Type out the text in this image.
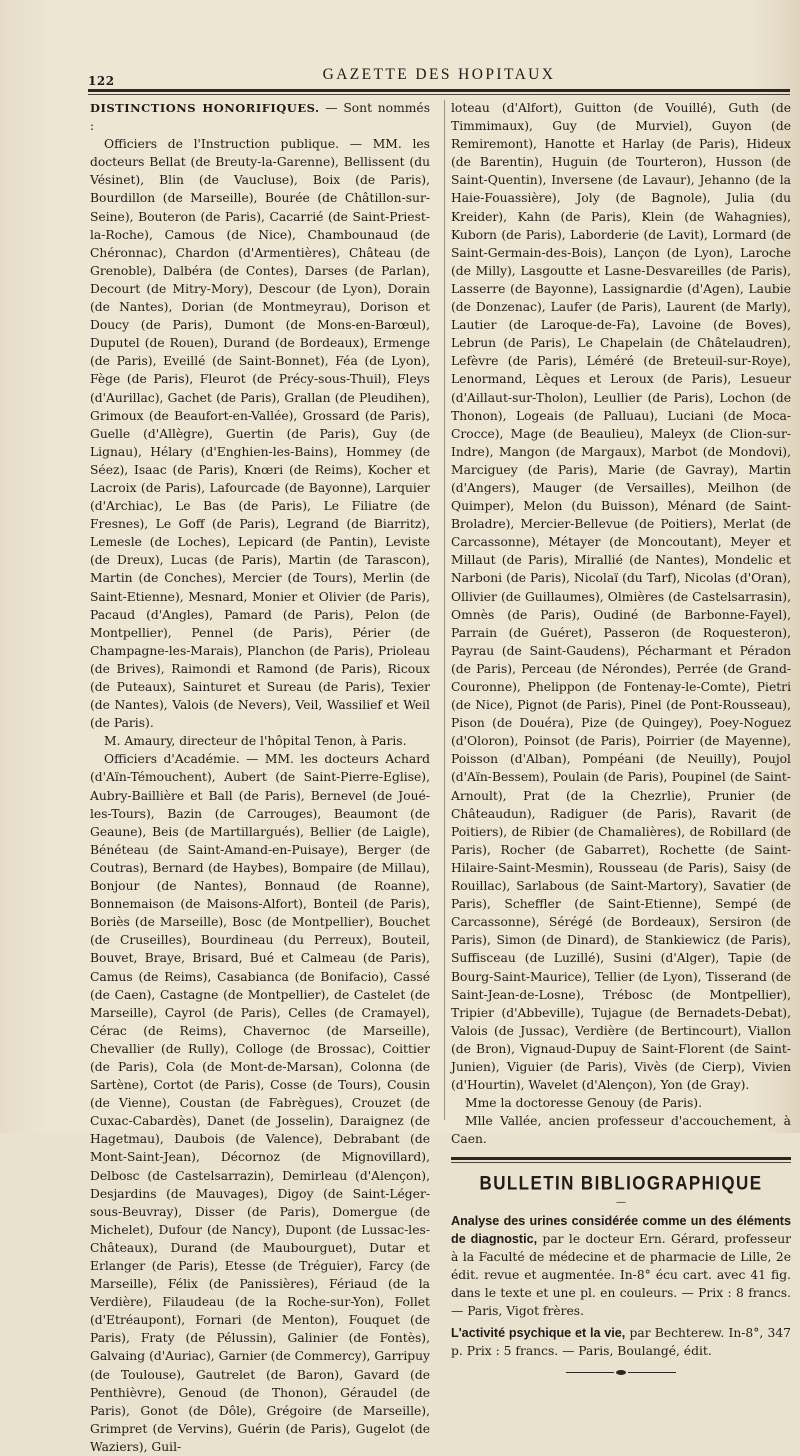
122	GAZETTE DES HOPITAUX

DISTINCTIONS HONORIFIQUES. — Sont nommés :

Officiers de l'Instruction publique. — MM. les docteurs Bellat (de Breuty-la-Garenne), Bellissent (du Vésinet), Blin (de Vaucluse), Boix (de Paris), Bourdillon (de Marseille), Bourée (de Châtillon-sur-Seine), Bouteron (de Paris), Cacarrié (de Saint-Priest-la-Roche), Camous (de Nice), Chambounaud (de Chéronnac), Chardon (d'Armentières), Château (de Grenoble), Dalbéra (de Contes), Darses (de Parlan), Decourt (de Mitry-Mory), Descour (de Lyon), Dorain (de Nantes), Dorian (de Montmeyrau), Dorison et Doucy (de Paris), Dumont (de Mons-en-Barœul), Duputel (de Rouen), Durand (de Bordeaux), Ermenge (de Paris), Eveillé (de Saint-Bonnet), Féa (de Lyon), Fège (de Paris), Fleurot (de Précy-sous-Thuil), Fleys (d'Aurillac), Gachet (de Paris), Grallan (de Pleudihen), Grimoux (de Beaufort-en-Vallée), Grossard (de Paris), Guelle (d'Allègre), Guertin (de Paris), Guy (de Lignau), Hélary (d'Enghien-les-Bains), Hommey (de Séez), Isaac (de Paris), Knœri (de Reims), Kocher et Lacroix (de Paris), Lafourcade (de Bayonne), Larquier (d'Archiac), Le Bas (de Paris), Le Filiatre (de Fresnes), Le Goff (de Paris), Legrand (de Biarritz), Lemesle (de Loches), Lepicard (de Pantin), Leviste (de Dreux), Lucas (de Paris), Martin (de Tarascon), Martin (de Conches), Mercier (de Tours), Merlin (de Saint-Etienne), Mesnard, Monier et Olivier (de Paris), Pacaud (d'Angles), Pamard (de Paris), Pelon (de Montpellier), Pennel (de Paris), Périer (de Champagne-les-Marais), Planchon (de Paris), Prioleau (de Brives), Raimondi et Ramond (de Paris), Ricoux (de Puteaux), Sainturet et Sureau (de Paris), Texier (de Nantes), Valois (de Nevers), Veil, Wassilief et Weil (de Paris).

M. Amaury, directeur de l'hôpital Tenon, à Paris.

Officiers d'Académie. — MM. les docteurs Achard (d'Aïn-Témouchent), Aubert (de Saint-Pierre-Eglise), Aubry-Baillière et Ball (de Paris), Bernevel (de Joué-les-Tours), Bazin (de Carrouges), Beaumont (de Geaune), Beis (de Martillargués), Bellier (de Laigle), Bénéteau (de Saint-Amand-en-Puisaye), Berger (de Coutras), Bernard (de Haybes), Bompaire (de Millau), Bonjour (de Nantes), Bonnaud (de Roanne), Bonnemaison (de Maisons-Alfort), Bonteil (de Paris), Boriès (de Marseille), Bosc (de Montpellier), Bouchet (de Cruseilles), Bourdineau (du Perreux), Bouteil, Bouvet, Braye, Brisard, Bué et Calmeau (de Paris), Camus (de Reims), Casabianca (de Bonifacio), Cassé (de Caen), Castagne (de Montpellier), de Castelet (de Marseille), Cayrol (de Paris), Celles (de Cramayel), Cérac (de Reims), Chavernoc (de Marseille), Chevallier (de Rully), Colloge (de Brossac), Coittier (de Paris), Cola (de Mont-de-Marsan), Colonna (de Sartène), Cortot (de Paris), Cosse (de Tours), Cousin (de Vienne), Coustan (de Fabrègues), Crouzet (de Cuxac-Cabardès), Danet (de Josselin), Daraignez (de Hagetmau), Daubois (de Valence), Debrabant (de Mont-Saint-Jean), Décornoz (de Mignovillard), Delbosc (de Castelsarrazin), Demirleau (d'Alençon), Desjardins (de Mauvages), Digoy (de Saint-Léger-sous-Beuvray), Disser (de Paris), Domergue (de Michelet), Dufour (de Nancy), Dupont (de Lussac-les-Châteaux), Durand (de Maubourguet), Dutar et Erlanger (de Paris), Etesse (de Tréguier), Farcy (de Marseille), Félix (de Panissières), Fériaud (de la Verdière), Filaudeau (de la Roche-sur-Yon), Follet (d'Etréaupont), Fornari (de Menton), Fouquet (de Paris), Fraty (de Pélussin), Galinier (de Fontès), Galvaing (d'Auriac), Garnier (de Commercy), Garripuy (de Toulouse), Gautrelet (de Baron), Gavard (de Penthièvre), Genoud (de Thonon), Géraudel (de Paris), Gonot (de Dôle), Grégoire (de Marseille), Grimpret (de Vervins), Guérin (de Paris), Gugelot (de Waziers), Guil-

loteau (d'Alfort), Guitton (de Vouillé), Guth (de Timmimaux), Guy (de Murviel), Guyon (de Remiremont), Hanotte et Harlay (de Paris), Hideux (de Barentin), Huguin (de Tourteron), Husson (de Saint-Quentin), Inversene (de Lavaur), Jehanno (de la Haie-Fouassière), Joly (de Bagnole), Julia (du Kreider), Kahn (de Paris), Klein (de Wahagnies), Kuborn (de Paris), Laborderie (de Lavit), Lormard (de Saint-Germain-des-Bois), Lançon (de Lyon), Laroche (de Milly), Lasgoutte et Lasne-Desvareilles (de Paris), Lasserre (de Bayonne), Lassignardie (d'Agen), Laubie (de Donzenac), Laufer (de Paris), Laurent (de Marly), Lautier (de Laroque-de-Fa), Lavoine (de Boves), Lebrun (de Paris), Le Chapelain (de Châtelaudren), Lefèvre (de Paris), Léméré (de Breteuil-sur-Roye), Lenormand, Lèques et Leroux (de Paris), Lesueur (d'Aillaut-sur-Tholon), Leullier (de Paris), Lochon (de Thonon), Logeais (de Palluau), Luciani (de Moca-Crocce), Mage (de Beaulieu), Maleyx (de Clion-sur-Indre), Mangon (de Margaux), Marbot (de Mondovi), Marciguey (de Paris), Marie (de Gavray), Martin (d'Angers), Mauger (de Versailles), Meilhon (de Quimper), Melon (du Buisson), Ménard (de Saint-Broladre), Mercier-Bellevue (de Poitiers), Merlat (de Carcassonne), Métayer (de Moncoutant), Meyer et Millaut (de Paris), Mirallié (de Nantes), Mondelic et Narboni (de Paris), Nicolaï (du Tarf), Nicolas (d'Oran), Ollivier (de Guillaumes), Olmières (de Castelsarrasin), Omnès (de Paris), Oudiné (de Barbonne-Fayel), Parrain (de Guéret), Passeron (de Roquesteron), Payrau (de Saint-Gaudens), Pécharmant et Péradon (de Paris), Perceau (de Nérondes), Perrée (de Grand-Couronne), Phelippon (de Fontenay-le-Comte), Pietri (de Nice), Pignot (de Paris), Pinel (de Pont-Rousseau), Pison (de Douéra), Pize (de Quingey), Poey-Noguez (d'Oloron), Poinsot (de Paris), Poirrier (de Mayenne), Poisson (d'Alban), Pompéani (de Neuilly), Poujol (d'Aïn-Bessem), Poulain (de Paris), Poupinel (de Saint-Arnoult), Prat (de la Chezrlie), Prunier (de Châteaudun), Radiguer (de Paris), Ravarit (de Poitiers), de Ribier (de Chamalières), de Robillard (de Paris), Rocher (de Gabarret), Rochette (de Saint-Hilaire-Saint-Mesmin), Rousseau (de Paris), Saisy (de Rouillac), Sarlabous (de Saint-Martory), Savatier (de Paris), Scheffler (de Saint-Etienne), Sempé (de Carcassonne), Sérégé (de Bordeaux), Sersiron (de Paris), Simon (de Dinard), de Stankiewicz (de Paris), Suffisceau (de Luzillé), Susini (d'Alger), Tapie (de Bourg-Saint-Maurice), Tellier (de Lyon), Tisserand (de Saint-Jean-de-Losne), Trébosc (de Montpellier), Tripier (d'Abbeville), Tujague (de Bernadets-Debat), Valois (de Jussac), Verdière (de Bertincourt), Viallon (de Bron), Vignaud-Dupuy de Saint-Florent (de Saint-Junien), Viguier (de Paris), Vivès (de Cierp), Vivien (d'Hourtin), Wavelet (d'Alençon), Yon (de Gray).

Mme la doctoresse Genouy (de Paris).

Mlle Vallée, ancien professeur d'accouchement, à Caen.

BULLETIN BIBLIOGRAPHIQUE
—

Analyse des urines considérée comme un des éléments de diagnostic, par le docteur Ern. Gérard, professeur à la Faculté de médecine et de pharmacie de Lille, 2e édit. revue et augmentée. In-8° écu cart. avec 41 fig. dans le texte et une pl. en couleurs. — Prix : 8 francs. — Paris, Vigot frères.

L'activité psychique et la vie, par Bechterew. In-8°, 347 p. Prix : 5 francs. — Paris, Boulangé, édit.
